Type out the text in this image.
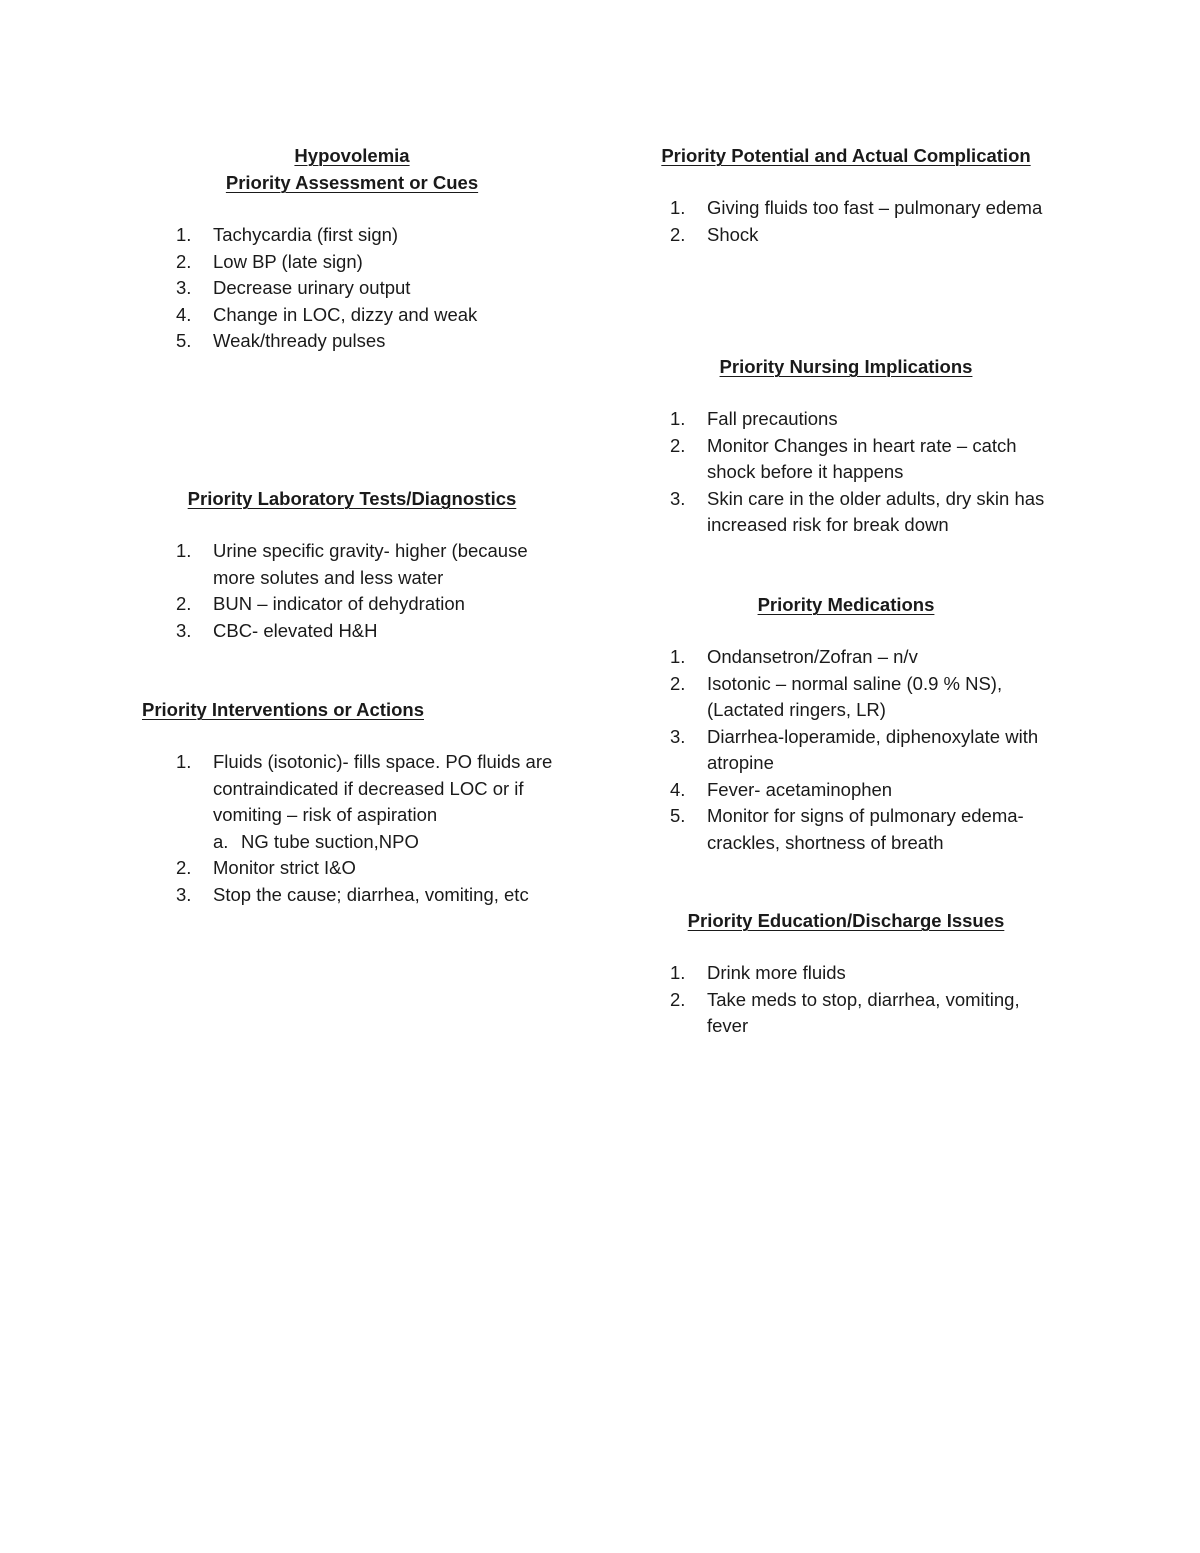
Hypovolemia
Priority Assessment or Cues
1. Tachycardia (first sign)
2. Low BP (late sign)
3. Decrease urinary output
4. Change in LOC, dizzy and weak
5. Weak/thready pulses
Priority Laboratory Tests/Diagnostics
1. Urine specific gravity- higher (because more solutes and less water
2. BUN – indicator of dehydration
3. CBC- elevated H&H
Priority Interventions or Actions
1. Fluids (isotonic)- fills space. PO fluids are contraindicated if decreased LOC or if vomiting – risk of aspiration
a. NG tube suction,NPO
2. Monitor strict I&O
3. Stop the cause; diarrhea, vomiting, etc
Priority Potential and Actual Complication
1. Giving fluids too fast – pulmonary edema
2. Shock
Priority Nursing Implications
1. Fall precautions
2. Monitor Changes in heart rate – catch shock before it happens
3. Skin care in the older adults, dry skin has increased risk for break down
Priority Medications
1. Ondansetron/Zofran – n/v
2. Isotonic – normal saline (0.9 % NS), (Lactated ringers, LR)
3. Diarrhea-loperamide, diphenoxylate with atropine
4. Fever- acetaminophen
5. Monitor for signs of pulmonary edema-crackles, shortness of breath
Priority Education/Discharge Issues
1. Drink more fluids
2. Take meds to stop, diarrhea, vomiting, fever
